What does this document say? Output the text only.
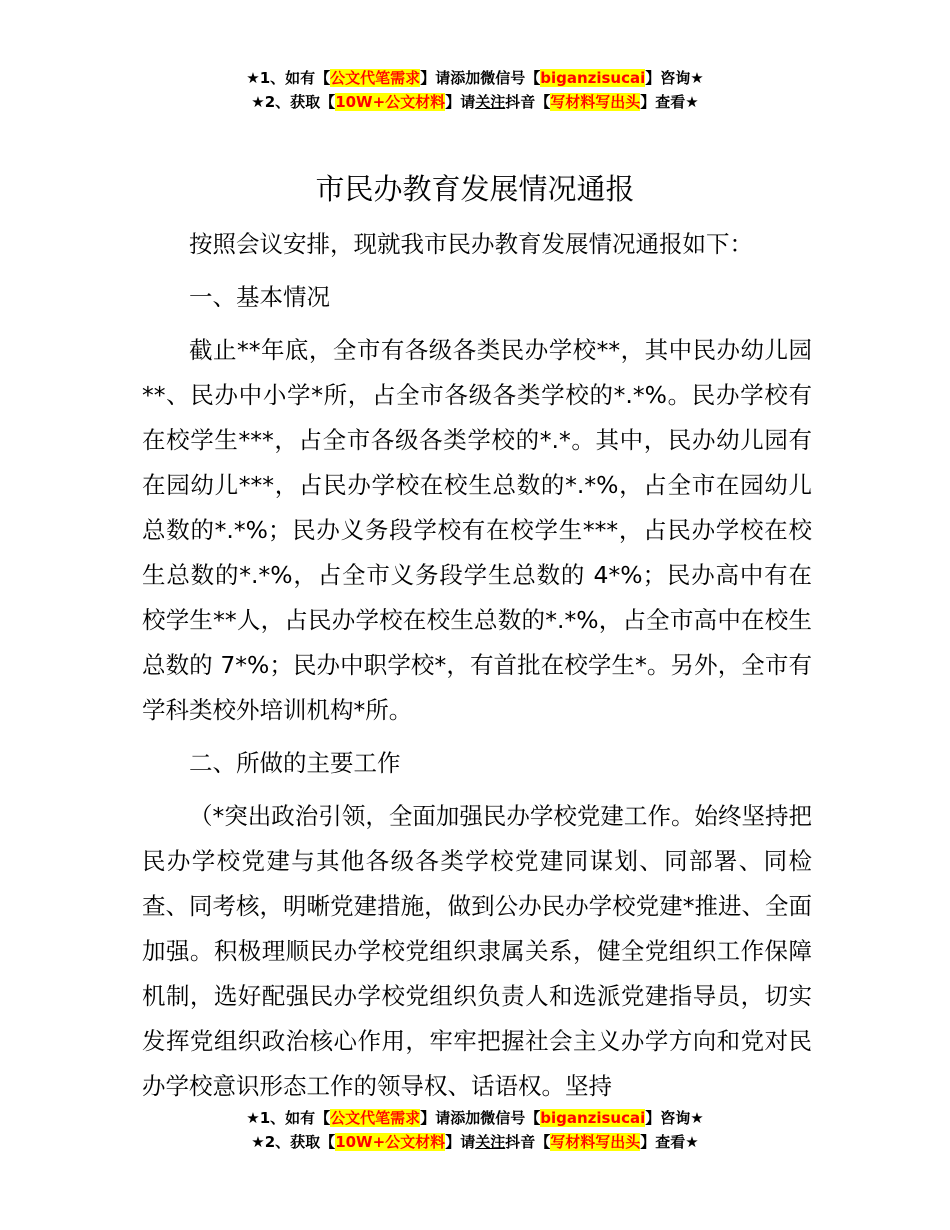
★1、如有【公文代笔需求】请添加微信号【biganzisucai】咨询★
★2、获取【10W+公文材料】请关注抖音【写材料写出头】查看★
市民办教育发展情况通报

按照会议安排，现就我市民办教育发展情况通报如下：

一、基本情况

截止**年底，全市有各级各类民办学校**，其中民办幼儿园**、民办中小学*所，占全市各级各类学校的*.*%。民办学校有在校学生***，占全市各级各类学校的*.*。其中，民办幼儿园有在园幼儿***，占民办学校在校生总数的*.*%，占全市在园幼儿总数的*.*%；民办义务段学校有在校学生***，占民办学校在校生总数的*.*%，占全市义务段学生总数的 4*%；民办高中有在校学生**人，占民办学校在校生总数的*.*%，占全市高中在校生总数的 7*%；民办中职学校*，有首批在校学生*。另外，全市有学科类校外培训机构*所。

二、所做的主要工作

（*突出政治引领，全面加强民办学校党建工作。始终坚持把民办学校党建与其他各级各类学校党建同谋划、同部署、同检查、同考核，明晰党建措施，做到公办民办学校党建*推进、全面加强。积极理顺民办学校党组织隶属关系，健全党组织工作保障机制，选好配强民办学校党组织负责人和选派党建指导员，切实发挥党组织政治核心作用，牢牢把握社会主义办学方向和党对民办学校意识形态工作的领导权、话语权。坚持

★1、如有【公文代笔需求】请添加微信号【biganzisucai】咨询★
★2、获取【10W+公文材料】请关注抖音【写材料写出头】查看★
